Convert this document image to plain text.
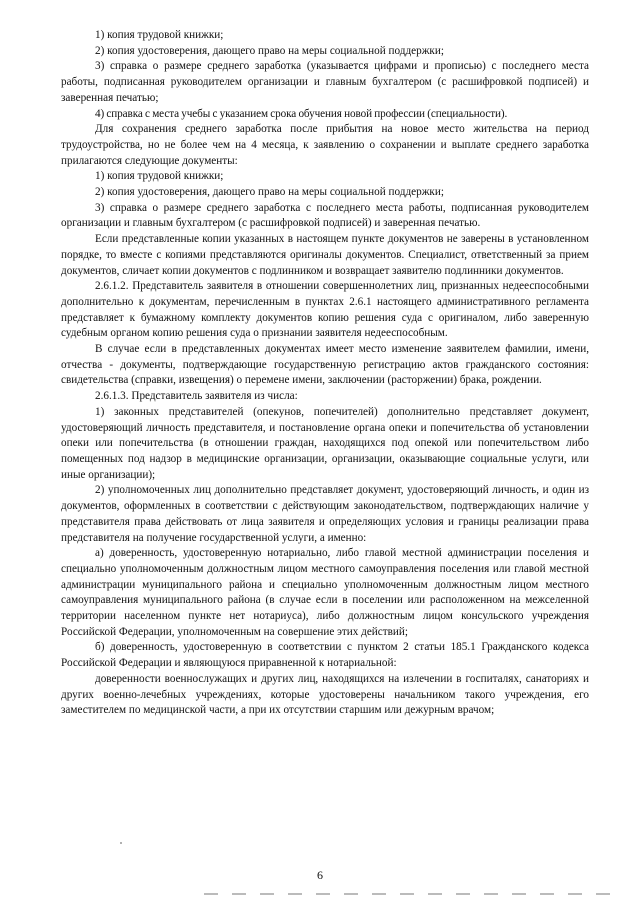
1) копия трудовой книжки;

2) копия удостоверения, дающего право на меры социальной поддержки;

3) справка о размере среднего заработка (указывается цифрами и прописью) с последнего места работы, подписанная руководителем организации и главным бухгалтером (с расшифровкой подписей) и заверенная печатью;

4) справка с места учебы с указанием срока обучения новой профессии (специальности).

Для сохранения среднего заработка после прибытия на новое место жительства на период трудоустройства, но не более чем на 4 месяца, к заявлению о сохранении и выплате среднего заработка прилагаются следующие документы:

1) копия трудовой книжки;

2) копия удостоверения, дающего право на меры социальной поддержки;

3) справка о размере среднего заработка с последнего места работы, подписанная руководителем организации и главным бухгалтером (с расшифровкой подписей) и заверенная печатью.

Если представленные копии указанных в настоящем пункте документов не заверены в установленном порядке, то вместе с копиями представляются оригиналы документов. Специалист, ответственный за прием документов, сличает копии документов с подлинником и возвращает заявителю подлинники документов.

2.6.1.2. Представитель заявителя в отношении совершеннолетних лиц, признанных недееспособными дополнительно к документам, перечисленным в пунктах 2.6.1 настоящего административного регламента представляет к бумажному комплекту документов копию решения суда с оригиналом, либо заверенную судебным органом копию решения суда о признании заявителя недееспособным.

В случае если в представленных документах имеет место изменение заявителем фамилии, имени, отчества - документы, подтверждающие государственную регистрацию актов гражданского состояния: свидетельства (справки, извещения) о перемене имени, заключении (расторжении) брака, рождении.

2.6.1.3. Представитель заявителя из числа:

1) законных представителей (опекунов, попечителей) дополнительно представляет документ, удостоверяющий личность представителя, и постановление органа опеки и попечительства об установлении опеки или попечительства (в отношении граждан, находящихся под опекой или попечительством либо помещенных под надзор в медицинские организации, организации, оказывающие социальные услуги, или иные организации);

2) уполномоченных лиц дополнительно представляет документ, удостоверяющий личность, и один из документов, оформленных в соответствии с действующим законодательством, подтверждающих наличие у представителя права действовать от лица заявителя и определяющих условия и границы реализации права представителя на получение государственной услуги, а именно:

а) доверенность, удостоверенную нотариально, либо главой местной администрации поселения и специально уполномоченным должностным лицом местного самоуправления поселения или главой местной администрации муниципального района и специально уполномоченным должностным лицом местного самоуправления муниципального района (в случае если в поселении или расположенном на межселенной территории населенном пункте нет нотариуса), либо должностным лицом консульского учреждения Российской Федерации, уполномоченным на совершение этих действий;

б) доверенность, удостоверенную в соответствии с пунктом 2 статьи 185.1 Гражданского кодекса Российской Федерации и являющуюся приравненной к нотариальной:

доверенности военнослужащих и других лиц, находящихся на излечении в госпиталях, санаториях и других военно-лечебных учреждениях, которые удостоверены начальником такого учреждения, его заместителем по медицинской части, а при их отсутствии старшим или дежурным врачом;

6
